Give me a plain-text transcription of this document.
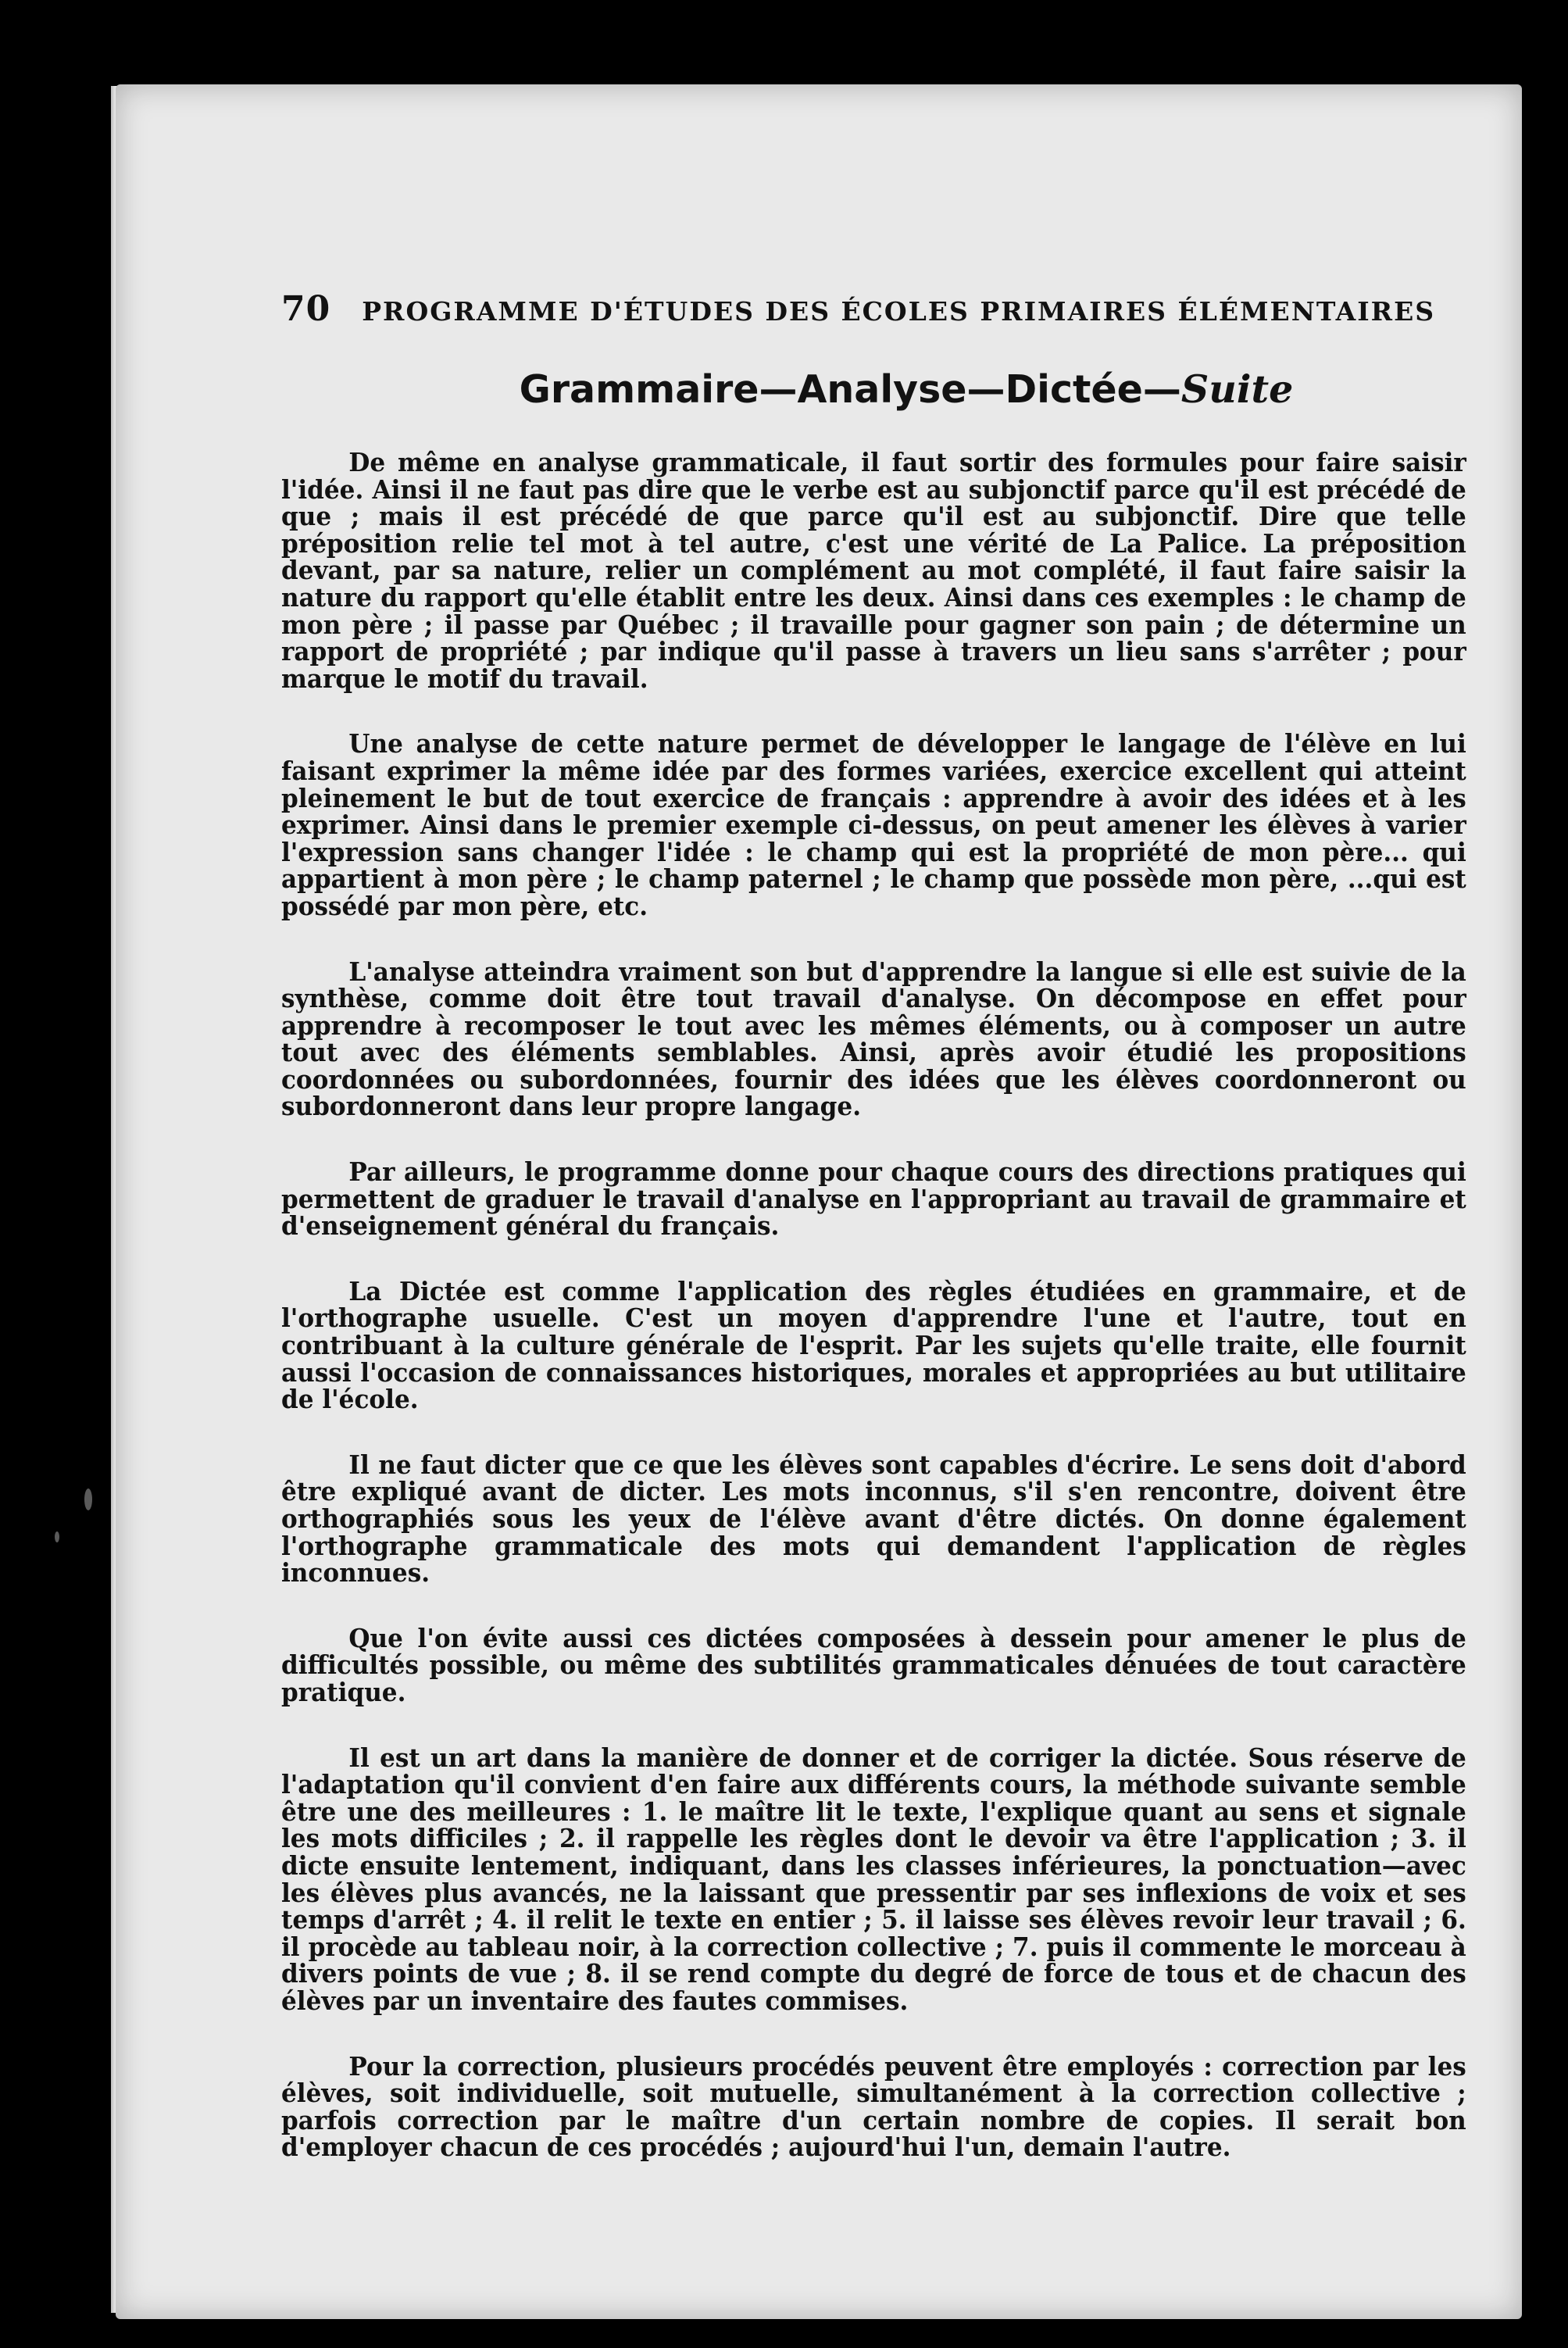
70 PROGRAMME D'ÉTUDES DES ÉCOLES PRIMAIRES ÉLÉMENTAIRES
Grammaire—Analyse—Dictée—Suite

De même en analyse grammaticale, il faut sortir des formules pour faire saisir l'idée. Ainsi il ne faut pas dire que le verbe est au subjonctif parce qu'il est précédé de que ; mais il est précédé de que parce qu'il est au subjonctif. Dire que telle préposition relie tel mot à tel autre, c'est une vérité de La Palice. La préposition devant, par sa nature, relier un complément au mot complété, il faut faire saisir la nature du rapport qu'elle établit entre les deux. Ainsi dans ces exemples : le champ de mon père ; il passe par Québec ; il travaille pour gagner son pain ; de détermine un rapport de propriété ; par indique qu'il passe à travers un lieu sans s'arrêter ; pour marque le motif du travail.

Une analyse de cette nature permet de développer le langage de l'élève en lui faisant exprimer la même idée par des formes variées, exercice excellent qui atteint pleinement le but de tout exercice de français : apprendre à avoir des idées et à les exprimer. Ainsi dans le premier exemple ci-dessus, on peut amener les élèves à varier l'expression sans changer l'idée : le champ qui est la propriété de mon père... qui appartient à mon père ; le champ paternel ; le champ que possède mon père, ...qui est possédé par mon père, etc.

L'analyse atteindra vraiment son but d'apprendre la langue si elle est suivie de la synthèse, comme doit être tout travail d'analyse. On décompose en effet pour apprendre à recomposer le tout avec les mêmes éléments, ou à composer un autre tout avec des éléments semblables. Ainsi, après avoir étudié les propositions coordonnées ou subordonnées, fournir des idées que les élèves coordonneront ou subordonneront dans leur propre langage.

Par ailleurs, le programme donne pour chaque cours des directions pratiques qui permettent de graduer le travail d'analyse en l'appropriant au travail de grammaire et d'enseignement général du français.

La Dictée est comme l'application des règles étudiées en grammaire, et de l'orthographe usuelle. C'est un moyen d'apprendre l'une et l'autre, tout en contribuant à la culture générale de l'esprit. Par les sujets qu'elle traite, elle fournit aussi l'occasion de connaissances historiques, morales et appropriées au but utilitaire de l'école.

Il ne faut dicter que ce que les élèves sont capables d'écrire. Le sens doit d'abord être expliqué avant de dicter. Les mots inconnus, s'il s'en rencontre, doivent être orthographiés sous les yeux de l'élève avant d'être dictés. On donne également l'orthographe grammaticale des mots qui demandent l'application de règles inconnues.

Que l'on évite aussi ces dictées composées à dessein pour amener le plus de difficultés possible, ou même des subtilités grammaticales dénuées de tout caractère pratique.

Il est un art dans la manière de donner et de corriger la dictée. Sous réserve de l'adaptation qu'il convient d'en faire aux différents cours, la méthode suivante semble être une des meilleures : 1. le maître lit le texte, l'explique quant au sens et signale les mots difficiles ; 2. il rappelle les règles dont le devoir va être l'application ; 3. il dicte ensuite lentement, indiquant, dans les classes inférieures, la ponctuation—avec les élèves plus avancés, ne la laissant que pressentir par ses inflexions de voix et ses temps d'arrêt ; 4. il relit le texte en entier ; 5. il laisse ses élèves revoir leur travail ; 6. il procède au tableau noir, à la correction collective ; 7. puis il commente le morceau à divers points de vue ; 8. il se rend compte du degré de force de tous et de chacun des élèves par un inventaire des fautes commises.

Pour la correction, plusieurs procédés peuvent être employés : correction par les élèves, soit individuelle, soit mutuelle, simultanément à la correction collective ; parfois correction par le maître d'un certain nombre de copies. Il serait bon d'employer chacun de ces procédés ; aujourd'hui l'un, demain l'autre.
